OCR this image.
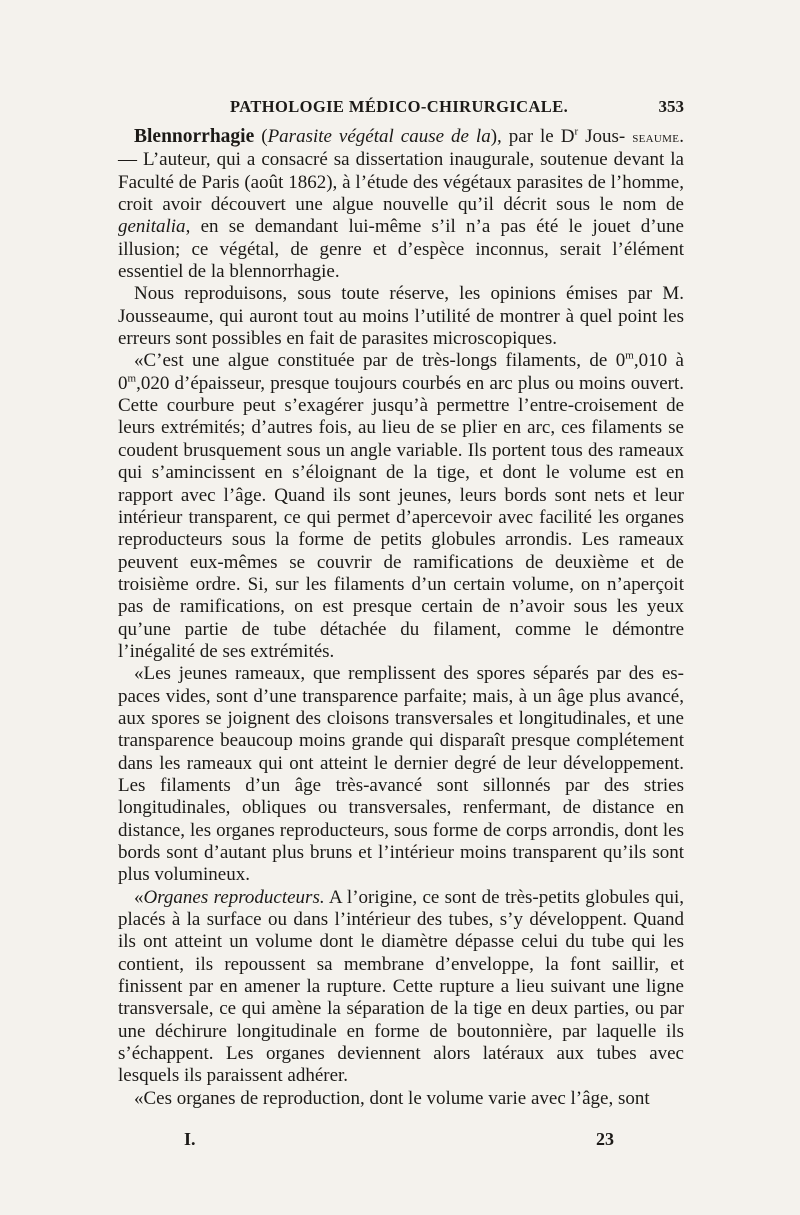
PATHOLOGIE MÉDICO-CHIRURGICALE.	353

Blennorrhagie (Parasite végétal cause de la), par le $D^r$ Jous- seaume. — L’auteur, qui a consacré sa dissertation inaugurale, soutenue devant la Faculté de Paris (août 1862), à l’étude des végétaux parasites de l’homme, croit avoir découvert une algue nouvelle qu’il décrit sous le nom de genitalia, en se demandant lui-même s’il n’a pas été le jouet d’une illusion; ce végétal, de genre et d’espèce inconnus, serait l’élément essentiel de la blennorrhagie.

Nous reproduisons, sous toute réserve, les opinions émises par M. Jousseaume, qui auront tout au moins l’utilité de montrer à quel point les erreurs sont possibles en fait de parasites microscopiques.

«C’est une algue constituée par de très-longs filaments, de 0$^m$,010 à 0$^m$,020 d’épaisseur, presque toujours courbés en arc plus ou moins ouvert. Cette courbure peut s’exagérer jusqu’à permettre l’entre-croisement de leurs extrémités; d’autres fois, au lieu de se plier en arc, ces filaments se coudent brusquement sous un angle variable. Ils portent tous des rameaux qui s’amincissent en s’éloignant de la tige, et dont le volume est en rapport avec l’âge. Quand ils sont jeunes, leurs bords sont nets et leur intérieur transparent, ce qui permet d’apercevoir avec facilité les organes reproducteurs sous la forme de petits globules arrondis. Les rameaux peuvent eux-mêmes se couvrir de ramifications de deuxième et de troisième ordre. Si, sur les filaments d’un certain volume, on n’aperçoit pas de ramifications, on est presque certain de n’avoir sous les yeux qu’une partie de tube détachée du filament, comme le démontre l’inégalité de ses extrémités.

«Les jeunes rameaux, que remplissent des spores séparés par des espaces vides, sont d’une transparence parfaite; mais, à un âge plus avancé, aux spores se joignent des cloisons transversales et longitudinales, et une transparence beaucoup moins grande qui disparaît presque complétement dans les rameaux qui ont atteint le dernier degré de leur développement. Les filaments d’un âge très-avancé sont sillonnés par des stries longitudinales, obliques ou transversales, renfermant, de distance en distance, les organes reproducteurs, sous forme de corps arrondis, dont les bords sont d’autant plus bruns et l’intérieur moins transparent qu’ils sont plus volumineux.

«Organes reproducteurs. A l’origine, ce sont de très-petits globules qui, placés à la surface ou dans l’intérieur des tubes, s’y développent. Quand ils ont atteint un volume dont le diamètre dépasse celui du tube qui les contient, ils repoussent sa membrane d’enveloppe, la font saillir, et finissent par en amener la rupture. Cette rupture a lieu suivant une ligne transversale, ce qui amène la séparation de la tige en deux parties, ou par une déchirure longitudinale en forme de boutonnière, par laquelle ils s’échappent. Les organes deviennent alors latéraux aux tubes avec lesquels ils paraissent adhérer.

«Ces organes de reproduction, dont le volume varie avec l’âge, sont

I.	23
